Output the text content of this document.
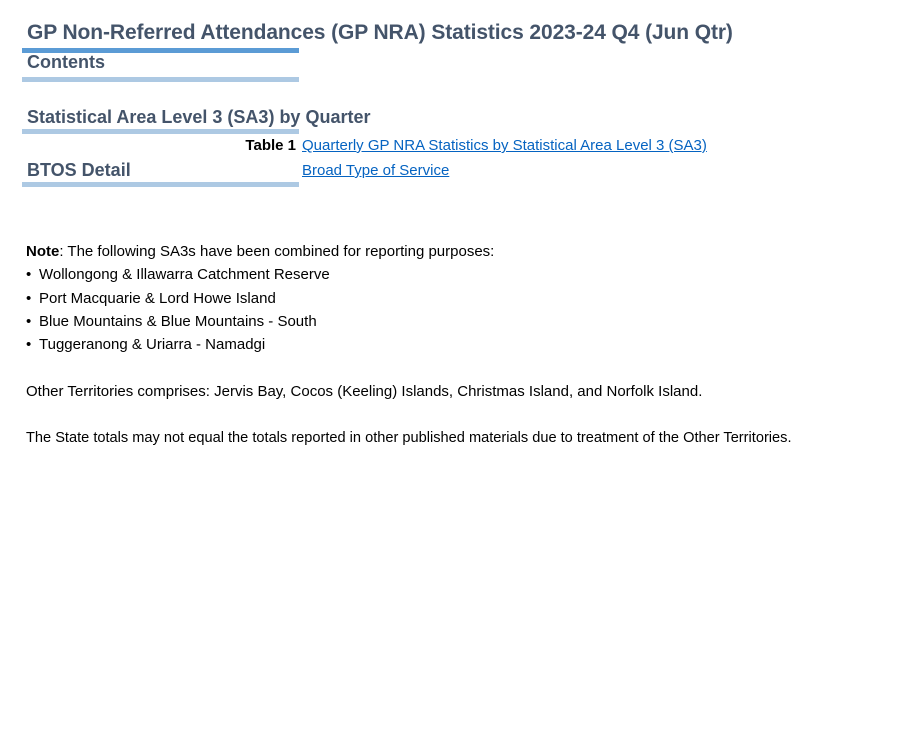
GP Non-Referred Attendances (GP NRA) Statistics 2023-24 Q4 (Jun Qtr)
Contents
Statistical Area Level 3 (SA3) by Quarter
Table 1 Quarterly GP NRA Statistics by Statistical Area Level 3 (SA3)
BTOS Detail	Broad Type of Service
Note: The following SA3s have been combined for reporting purposes:
• Wollongong & Illawarra Catchment Reserve
• Port Macquarie & Lord Howe Island
• Blue Mountains & Blue Mountains - South
• Tuggeranong & Uriarra - Namadgi
Other Territories comprises: Jervis Bay, Cocos (Keeling) Islands, Christmas Island, and Norfolk Island.
The State totals may not equal the totals reported in other published materials due to treatment of the Other Territories.
